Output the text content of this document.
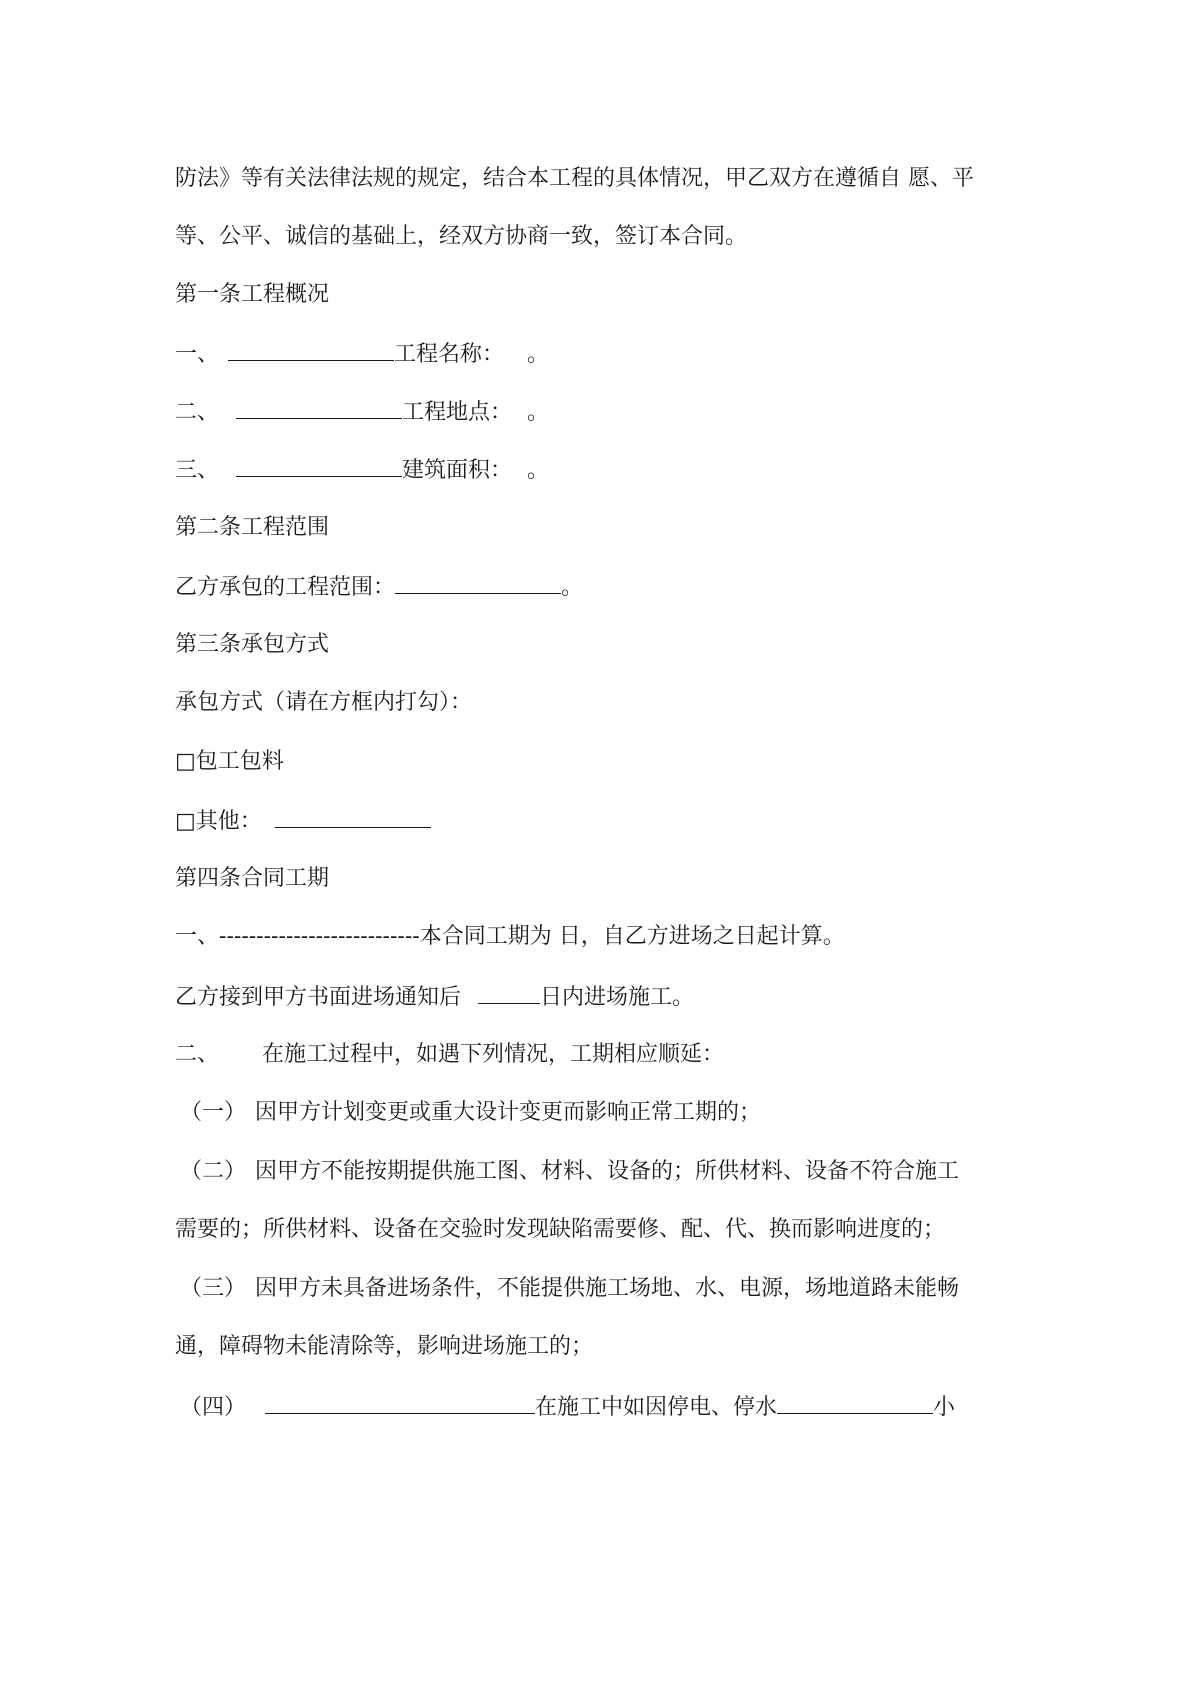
防法》等有关法律法规的规定，结合本工程的具体情况，甲乙双方在遵循自 愿、平
等、公平、诚信的基础上，经双方协商一致，签订本合同。
第一条工程概况
一、	工程名称： 。
二、	工程地点： 。
三、	建筑面积： 。
第二条工程范围
乙方承包的工程范围：	。
第三条承包方式
承包方式（请在方框内打勾）：
□包工包料
□其他：
第四条合同工期
一、---------------------------本合同工期为 日，自乙方进场之日起计算。
乙方接到甲方书面进场通知后	日内进场施工。
二、 在施工过程中，如遇下列情况，工期相应顺延：
（一） 因甲方计划变更或重大设计变更而影响正常工期的；
（二） 因甲方不能按期提供施工图、材料、设备的；所供材料、设备不符合施工
需要的；所供材料、设备在交验时发现缺陷需要修、配、代、换而影响进度的；
（三） 因甲方未具备进场条件，不能提供施工场地、水、电源，场地道路未能畅
通，障碍物未能清除等，影响进场施工的；
（四）	在施工中如因停电、停水	小
